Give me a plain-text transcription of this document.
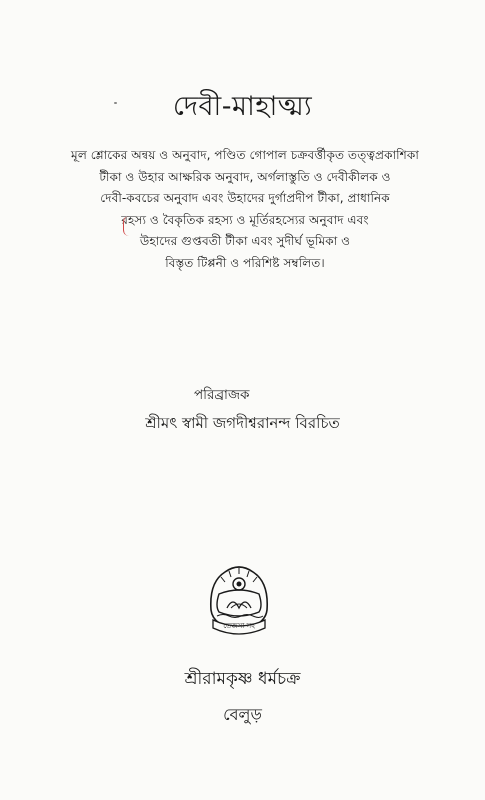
দেবী-মাহাত্ম্য
মূল শ্লোকের অন্বয় ও অনুবাদ, পণ্ডিত গোপাল চক্রবর্ত্তীকৃত তত্ত্বপ্রকাশিকা
টীকা ও উহার আক্ষরিক অনুবাদ, অর্গলাস্তুতি ও দেবীকীলক ও
দেবী-কবচের অনুবাদ এবং উহাদের দুর্গাপ্রদীপ টীকা, প্রাধানিক
রহস্য ও বৈকৃতিক রহস্য ও মূর্তিরহস্যের অনুবাদ এবং
উহাদের গুপ্তবতী টীকা এবং সুদীর্ঘ ভূমিকা ও
বিস্তৃত টিপ্পনী ও পরিশিষ্ট সম্বলিত।
পরিব্রাজক
শ্রীমৎ স্বামী জগদীশ্বরানন্দ বিরচিত
তেজসা সহ
শ্রীরামকৃষ্ণ ধর্মচক্র
বেলুড়
